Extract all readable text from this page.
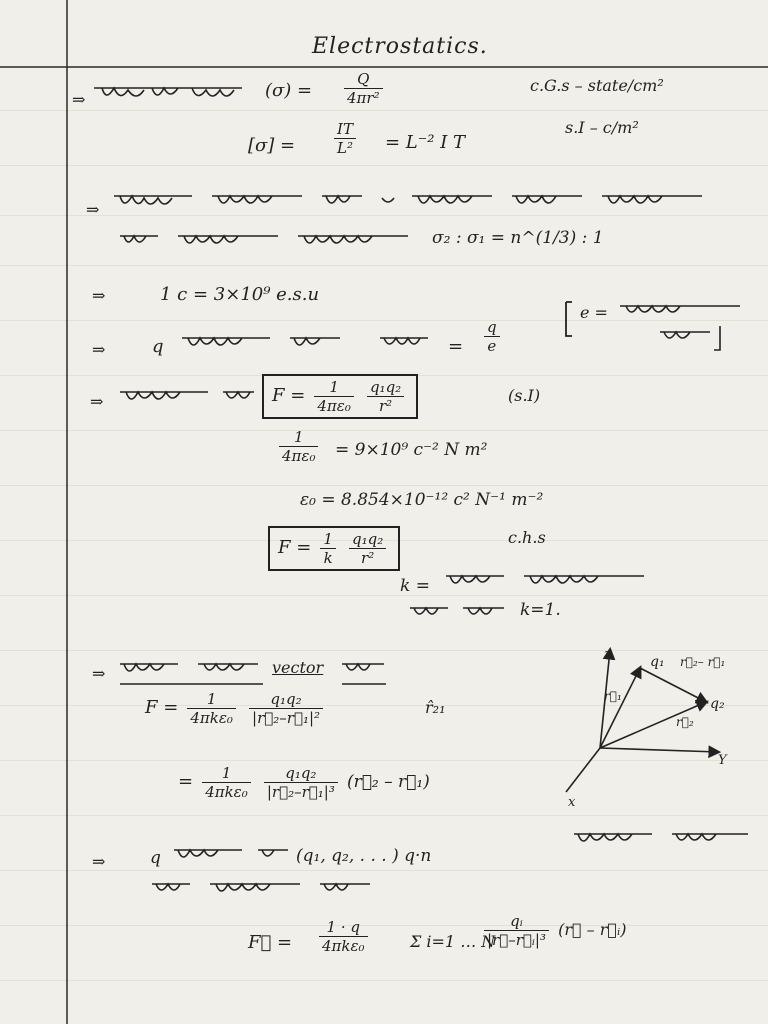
Electrostatics.
⇒	$(\sigma) = \frac{Q}{\text{4πr²}}$	c.G.s – state/cm²
[σ] =	$\frac{IT}{\text{L²}} = L^{-2}$ I T
s.I – c/m²
⇒
σ₂ : σ₁ = n^(1/3) : 1
⇒	1 c = 3×10⁹ e.s.u
⇒	q	= $\frac{q}{e}$
e =
⇒	$F = \frac{1}{\text{4πε₀}}$
$\frac{\text{q₁q₂}}{\text{r²}}$	(s.I)
$\frac{1}{\text{4πε₀}} = 9\times 10^9$ c⁻² N m²
ε₀ = 8.854×10⁻¹² c² N⁻¹ m⁻²
$F = \frac{1}{k}$
$\frac{\text{q₁q₂}}{\text{r²}}$	c.h.s
k =
k=1.
⇒	vector
$F = \frac{1}{\text{4πkε₀}}$
$\frac{\text{q₁q₂}}{\text{|r⃗₂–r⃗₁|²}}$	r̂₂₁
= $\frac{1}{\text{4πkε₀}}$
$\frac{\text{q₁q₂}}{\text{|r⃗₂–r⃗₁|³}}$ (r⃗₂ – r⃗₁)
z
Y
x
q₁
q₂
r⃗₁
r⃗₂
r⃗₂– r⃗₁
⇒	q	(q₁, q₂, . . . ) q·n
F⃗ = $\frac{1 \cdot q}{\text{4πkε₀}}$	Σ i=1 … N
$\frac{\text{qᵢ}}{\text{|r⃗–r⃗ᵢ|³}}$ (r⃗ – r⃗ᵢ)
